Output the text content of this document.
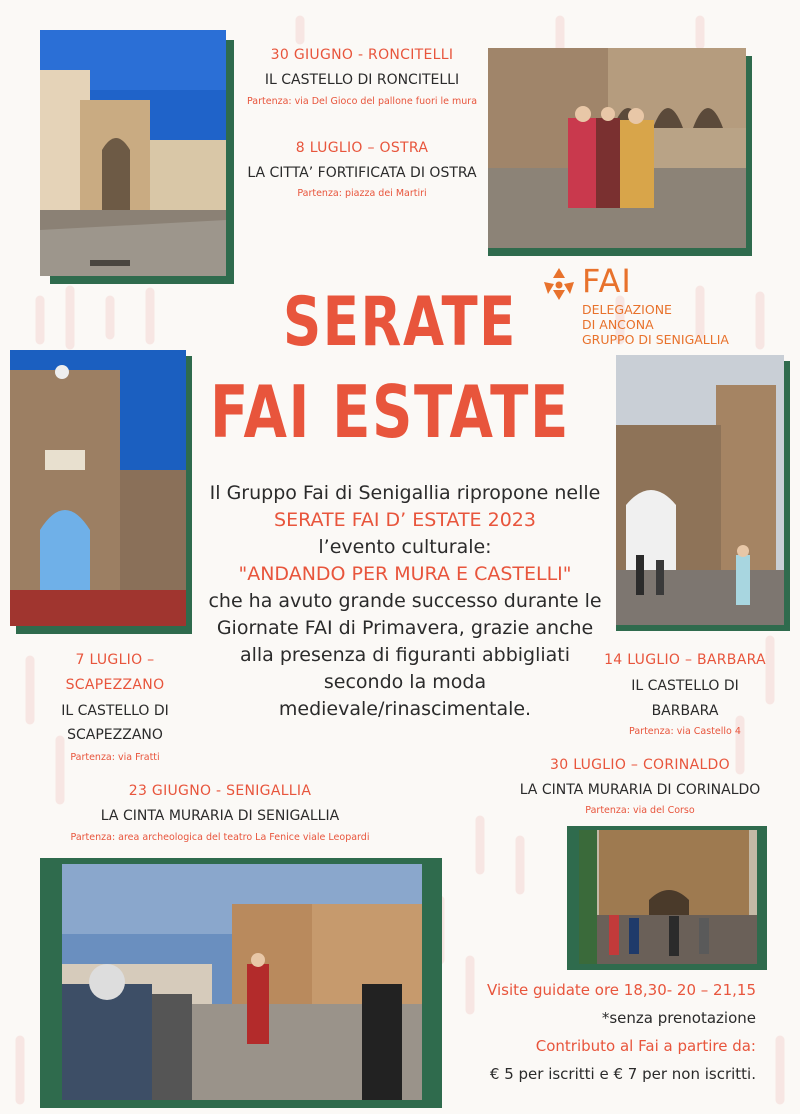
30 GIUGNO - RONCITELLI
IL CASTELLO DI RONCITELLI
Partenza: via Del Gioco del pallone fuori le mura
8 LUGLIO – OSTRA
LA CITTA’ FORTIFICATA DI OSTRA
Partenza: piazza dei Martiri
FAI
DELEGAZIONE
DI ANCONA
GRUPPO DI SENIGALLIA
SERATE
FAI ESTATE
Il Gruppo Fai di Senigallia ripropone nelle
SERATE FAI D’ ESTATE 2023
l’evento culturale:
"ANDANDO PER MURA E CASTELLI"
che ha avuto grande successo durante le
Giornate FAI di Primavera, grazie anche
alla presenza di figuranti abbigliati
secondo la moda
medievale/rinascimentale.
7 LUGLIO –
SCAPEZZANO
IL CASTELLO DI
SCAPEZZANO
Partenza: via Fratti
14 LUGLIO – BARBARA
IL CASTELLO DI
BARBARA
Partenza: via Castello 4
30 LUGLIO – CORINALDO
LA CINTA MURARIA DI CORINALDO
Partenza: via del Corso
23 GIUGNO - SENIGALLIA
LA CINTA MURARIA DI SENIGALLIA
Partenza: area archeologica del teatro La Fenice viale Leopardi
Visite guidate ore 18,30- 20 – 21,15
*senza prenotazione
Contributo al Fai a partire da:
€ 5 per iscritti e € 7 per non iscritti.
